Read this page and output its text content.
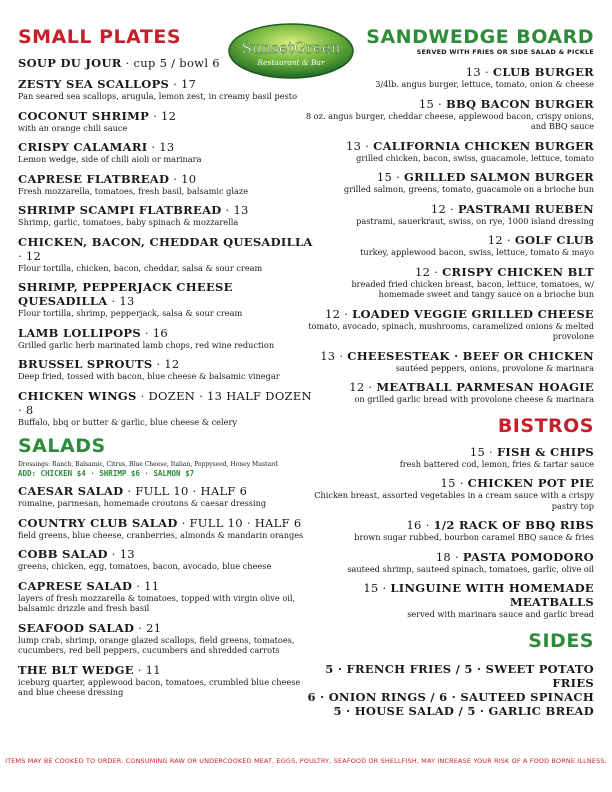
SunsetGreen
Restaurant & Bar
SMALL PLATES
SOUP DU JOUR · cup 5 / bowl 6
ZESTY SEA SCALLOPS · 17
Pan seared sea scallops, arugula, lemon zest, in creamy basil pesto
COCONUT SHRIMP · 12
with an orange chili sauce
CRISPY CALAMARI · 13
Lemon wedge, side of chili aioli or marinara
CAPRESE FLATBREAD · 10
Fresh mozzarella, tomatoes, fresh basil, balsamic glaze
SHRIMP SCAMPI FLATBREAD · 13
Shrimp, garlic, tomatoes, baby spinach & mozzarella
CHICKEN, BACON, CHEDDAR QUESADILLA · 12
Flour tortilla, chicken, bacon, cheddar, salsa & sour cream
SHRIMP, PEPPERJACK CHEESE QUESADILLA · 13
Flour tortilla, shrimp, pepperjack, salsa & sour cream
LAMB LOLLIPOPS · 16
Grilled garlic herb marinated lamb chops, red wine reduction
BRUSSEL SPROUTS · 12
Deep fried, tossed with bacon, blue cheese & balsamic vinegar
CHICKEN WINGS · DOZEN · 13 HALF DOZEN · 8
Buffalo, bbq or butter & garlic, blue cheese & celery
SALADS
Dressings: Ranch, Balsamic, Citrus, Blue Cheese, Italian, Poppyseed, Honey Mustard
ADD: CHICKEN $4 · SHRIMP $6 · SALMON $7
CAESAR SALAD · FULL 10 · HALF 6
romaine, parmesan, homemade croutons & caesar dressing
COUNTRY CLUB SALAD · FULL 10 · HALF 6
field greens, blue cheese, cranberries, almonds & mandarin oranges
COBB SALAD · 13
greens, chicken, egg, tomatoes, bacon, avocado, blue cheese
CAPRESE SALAD · 11
layers of fresh mozzarella & tomatoes, topped with virgin olive oil, balsamic drizzle and fresh basil
SEAFOOD SALAD · 21
lump crab, shrimp, orange glazed scallops, field greens, tomatoes, cucumbers, red bell peppers, cucumbers and shredded carrots
THE BLT WEDGE · 11
iceburg quarter, applewood bacon, tomatoes, crumbled blue cheese and blue cheese dressing
SANDWEDGE BOARD
SERVED WITH FRIES OR SIDE SALAD & PICKLE
13 · CLUB BURGER
3/4lb. angus burger, lettuce, tomato, onion & cheese
15 · BBQ BACON BURGER
8 oz. angus burger, cheddar cheese, applewood bacon, crispy onions, and BBQ sauce
13 · CALIFORNIA CHICKEN BURGER
grilled chicken, bacon, swiss, guacamole, lettuce, tomato
15 · GRILLED SALMON BURGER
grilled salmon, greens, tomato, guacamole on a brioche bun
12 · PASTRAMI RUEBEN
pastrami, sauerkraut, swiss, on rye, 1000 island dressing
12 · GOLF CLUB
turkey, applewood bacon, swiss, lettuce, tomato & mayo
12 · CRISPY CHICKEN BLT
breaded fried chicken breast, bacon, lettuce, tomatoes, w/ homemade sweet and tangy sauce on a brioche bun
12 · LOADED VEGGIE GRILLED CHEESE
tomato, avocado, spinach, mushrooms, caramelized onions & melted provolone
13 · CHEESESTEAK · BEEF OR CHICKEN
sautéed peppers, onions, provolone & marinara
12 · MEATBALL PARMESAN HOAGIE
on grilled garlic bread with provolone cheese & marinara
BISTROS
15 · FISH & CHIPS
fresh battered cod, lemon, fries & tartar sauce
15 · CHICKEN POT PIE
Chicken breast, assorted vegetables in a cream sauce with a crispy pastry top
16 · 1/2 RACK OF BBQ RIBS
brown sugar rubbed, bourbon caramel BBQ sauce & fries
18 · PASTA POMODORO
sauteed shrimp, sauteed spinach, tomatoes, garlic, olive oil
15 · LINGUINE WITH HOMEMADE MEATBALLS
served with marinara sauce and garlic bread
SIDES
5 · FRENCH FRIES / 5 · SWEET POTATO FRIES
6 · ONION RINGS / 6 · SAUTEED SPINACH
5 · HOUSE SALAD / 5 · GARLIC BREAD
ITEMS MAY BE COOKED TO ORDER. CONSUMING RAW OR UNDERCOOKED MEAT, EGGS, POULTRY, SEAFOOD OR SHELLFISH, MAY INCREASE YOUR RISK OF A FOOD BORNE ILLNESS.
